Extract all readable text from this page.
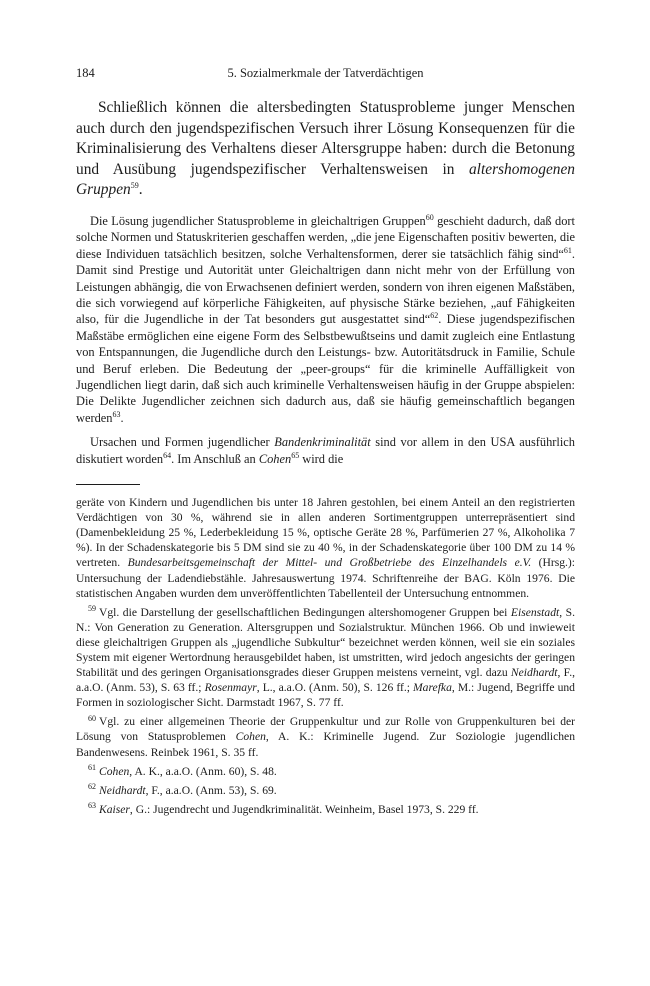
184	5. Sozialmerkmale der Tatverdächtigen

Schließlich können die altersbedingten Statusprobleme junger Menschen auch durch den jugendspezifischen Versuch ihrer Lösung Konsequenzen für die Kriminalisierung des Verhaltens dieser Altersgruppe haben: durch die Betonung und Ausübung jugendspezifischer Verhaltensweisen in altershomogenen Gruppen$^{59}$.

Die Lösung jugendlicher Statusprobleme in gleichaltrigen Gruppen$^{60}$ geschieht dadurch, daß dort solche Normen und Statuskriterien geschaffen werden, „die jene Eigenschaften positiv bewerten, die diese Individuen tatsächlich besitzen, solche Verhaltensformen, derer sie tatsächlich fähig sind“$^{61}$. Damit sind Prestige und Autorität unter Gleichaltrigen dann nicht mehr von der Erfüllung von Leistungen abhängig, die von Erwachsenen definiert werden, sondern von ihren eigenen Maßstäben, die sich vorwiegend auf körperliche Fähigkeiten, auf physische Stärke beziehen, „auf Fähigkeiten also, für die Jugendliche in der Tat besonders gut ausgestattet sind“$^{62}$. Diese jugendspezifischen Maßstäbe ermöglichen eine eigene Form des Selbstbewußtseins und damit zugleich eine Entlastung von Entspannungen, die Jugendliche durch den Leistungs- bzw. Autoritätsdruck in Familie, Schule und Beruf erleben. Die Bedeutung der „peer-groups“ für die kriminelle Auffälligkeit von Jugendlichen liegt darin, daß sich auch kriminelle Verhaltensweisen häufig in der Gruppe abspielen: Die Delikte Jugendlicher zeichnen sich dadurch aus, daß sie häufig gemeinschaftlich begangen werden$^{63}$.

Ursachen und Formen jugendlicher Bandenkriminalität sind vor allem in den USA ausführlich diskutiert worden$^{64}$. Im Anschluß an Cohen$^{65}$ wird die

geräte von Kindern und Jugendlichen bis unter 18 Jahren gestohlen, bei einem Anteil an den registrierten Verdächtigen von 30 %, während sie in allen anderen Sortimentgruppen unterrepräsentiert sind (Damenbekleidung 25 %, Lederbekleidung 15 %, optische Geräte 28 %, Parfümerien 27 %, Alkoholika 7 %). In der Schadenskategorie bis 5 DM sind sie zu 40 %, in der Schadenskategorie über 100 DM zu 14 % vertreten. Bundesarbeitsgemeinschaft der Mittel- und Großbetriebe des Einzelhandels e.V. (Hrsg.): Untersuchung der Ladendiebstähle. Jahresauswertung 1974. Schriftenreihe der BAG. Köln 1976. Die statistischen Angaben wurden dem unveröffentlichten Tabellenteil der Untersuchung entnommen.

$^{59}$ Vgl. die Darstellung der gesellschaftlichen Bedingungen altershomogener Gruppen bei Eisenstadt, S. N.: Von Generation zu Generation. Altersgruppen und Sozialstruktur. München 1966. Ob und inwieweit diese gleichaltrigen Gruppen als „jugendliche Subkultur“ bezeichnet werden können, weil sie ein soziales System mit eigener Wertordnung herausgebildet haben, ist umstritten, wird jedoch angesichts der geringen Stabilität und des geringen Organisationsgrades dieser Gruppen meistens verneint, vgl. dazu Neidhardt, F., a.a.O. (Anm. 53), S. 63 ff.; Rosenmayr, L., a.a.O. (Anm. 50), S. 126 ff.; Marefka, M.: Jugend, Begriffe und Formen in soziologischer Sicht. Darmstadt 1967, S. 77 ff.

$^{60}$ Vgl. zu einer allgemeinen Theorie der Gruppenkultur und zur Rolle von Gruppenkulturen bei der Lösung von Statusproblemen Cohen, A. K.: Kriminelle Jugend. Zur Soziologie jugendlichen Bandenwesens. Reinbek 1961, S. 35 ff.

$^{61}$ Cohen, A. K., a.a.O. (Anm. 60), S. 48.

$^{62}$ Neidhardt, F., a.a.O. (Anm. 53), S. 69.

$^{63}$ Kaiser, G.: Jugendrecht und Jugendkriminalität. Weinheim, Basel 1973, S. 229 ff.
